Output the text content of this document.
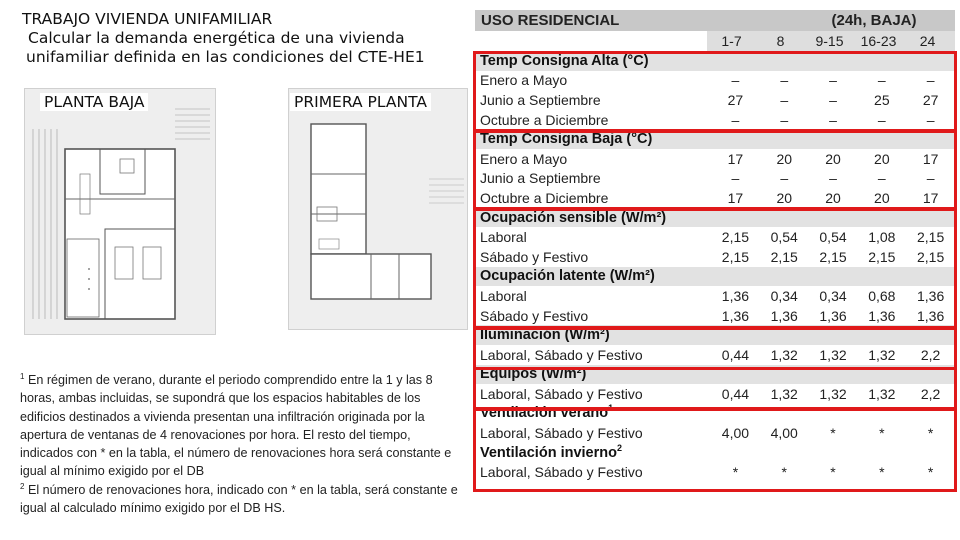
TRABAJO VIVIENDA UNIFAMILIAR
Calcular la demanda energética de una vivienda
unifamiliar definida en las condiciones del CTE-HE1
PLANTA BAJA	PRIMERA PLANTA
$^1$ En régimen de verano, durante el periodo comprendido entre la 1 y las 8 horas, ambas incluidas, se supondrá que los espacios habitables de los edificios destinados a vivienda presentan una infiltración originada por la apertura de ventanas de 4 renovaciones por hora. El resto del tiempo, indicados con * en la tabla, el número de renovaciones hora será constante e igual al mínimo exigido por el DB
$^2$ El número de renovaciones hora, indicado con * en la tabla, será constante e igual al calculado mínimo exigido por el DB HS.
USO RESIDENCIAL	(24h, BAJA)
1-7	8	9-15	16-23	24
Temp Consigna Alta (°C)
Enero a Mayo	–	–	–	–	–
Junio a Septiembre	27	–	–	25	27
Octubre a Diciembre	–	–	–	–	–
Temp Consigna Baja (°C)
Enero a Mayo	17	20	20	20	17
Junio a Septiembre	–	–	–	–	–
Octubre a Diciembre	17	20	20	20	17
Ocupación sensible (W/m²)
Laboral	2,15	0,54	0,54	1,08	2,15
Sábado y Festivo	2,15	2,15	2,15	2,15	2,15
Ocupación latente (W/m²)
Laboral	1,36	0,34	0,34	0,68	1,36
Sábado y Festivo	1,36	1,36	1,36	1,36	1,36
Iluminación (W/m²)
Laboral, Sábado y Festivo	0,44	1,32	1,32	1,32	2,2
Equipos (W/m²)
Laboral, Sábado y Festivo	0,44	1,32	1,32	1,32	2,2
Ventilación verano$^1$
Laboral, Sábado y Festivo	4,00	4,00	*	*	*
Ventilación invierno$^2$
Laboral, Sábado y Festivo	*	*	*	*	*
